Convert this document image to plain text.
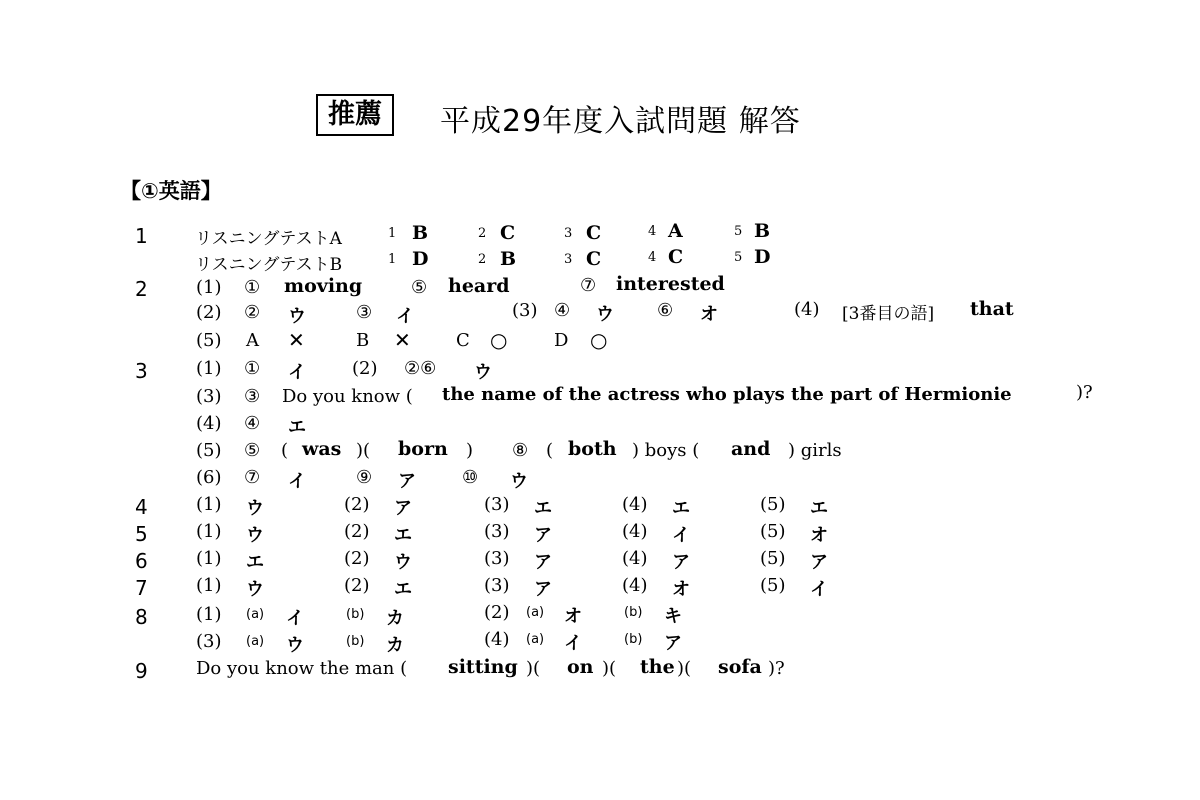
推薦	平成29年度入試問題 解答
【①英語】
1	リスニングテストA	1 B	2 C	3 C	4 A	5 B
リスニングテストB	1 D	2 B	3 C	4 C	5 D
2	(1) ① moving	⑤ heard	⑦ interested
(2) ② ウ	③ イ	(3) ④ ウ ⑥ オ	(4) [3番目の語] that
(5) A ✕	B ✕	C ○	D ○
3	(1) ① イ	(2) ②⑥ ウ
(3) ③ Do you know ( the name of the actress who plays the part of Hermionie	)?
(4) ④ エ
(5) ⑤ ( was )( born ) ⑧ ( both ) boys ( and ) girls
(6) ⑦ イ	⑨ ア	⑩ ウ
4	(1) ウ	(2) ア	(3) エ	(4) エ	(5) エ
5	(1) ウ	(2) エ	(3) ア	(4) イ	(5) オ
6	(1) エ	(2) ウ	(3) ア	(4) ア	(5) ア
7	(1) ウ	(2) エ	(3) ア	(4) オ	(5) イ
8	(1) (a) イ	(b) カ	(2) (a) オ	(b) キ
(3) (a) ウ	(b) カ	(4) (a) イ	(b) ア
9	Do you know the man ( sitting )( on )( the )( sofa )?
